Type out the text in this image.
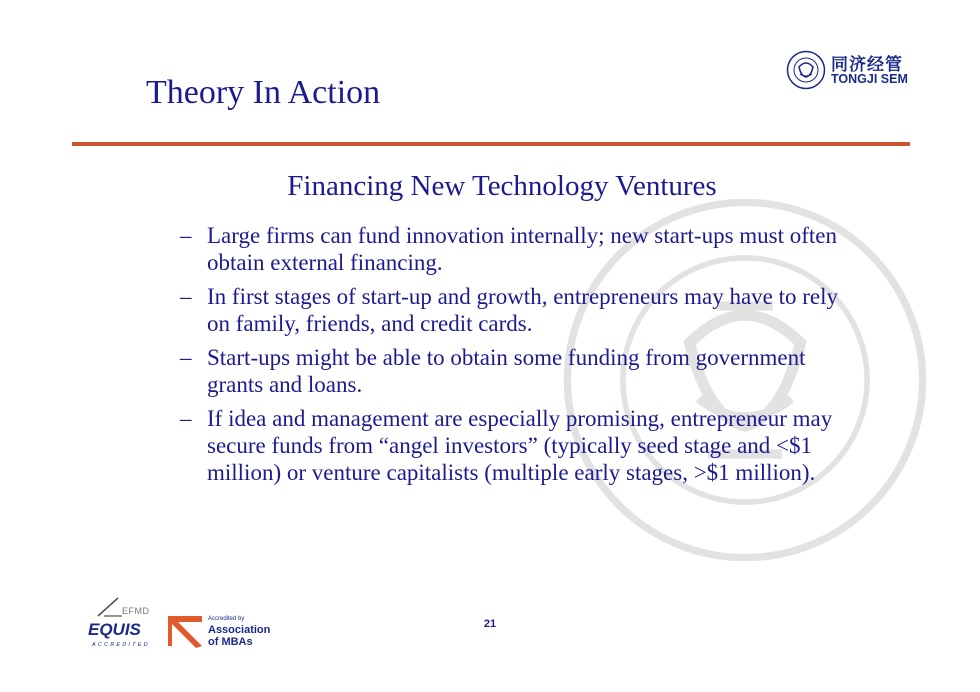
Theory In Action
同济经管
TONGJI SEM
Financing New Technology Ventures
– Large firms can fund innovation internally; new start-ups must often obtain external financing.
– In first stages of start-up and growth, entrepreneurs may have to rely on family, friends, and credit cards.
– Start-ups might be able to obtain some funding from government grants and loans.
– If idea and management are especially promising, entrepreneur may secure funds from “angel investors” (typically seed stage and <$1 million) or venture capitalists (multiple early stages, >$1 million).
21
EFMD
EQUIS
ACCREDITED
Accredited by
Association
of MBAs
